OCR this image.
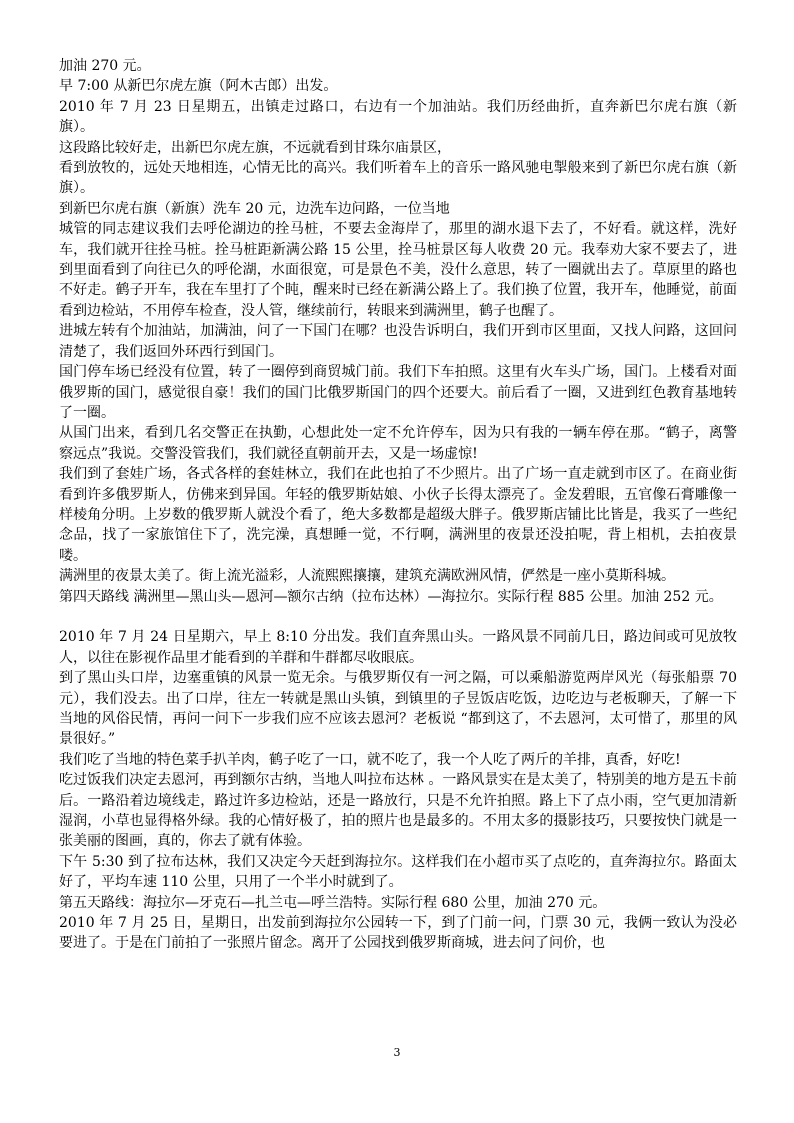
加油 270 元。

早 7:00 从新巴尔虎左旗（阿木古郎）出发。

2010 年 7 月 23 日星期五，出镇走过路口，右边有一个加油站。我们历经曲折，直奔新巴尔虎右旗（新旗）。

这段路比较好走，出新巴尔虎左旗，不远就看到甘珠尔庙景区，

看到放牧的，远处天地相连，心情无比的高兴。我们听着车上的音乐一路风驰电掣般来到了新巴尔虎右旗（新旗）。

到新巴尔虎右旗（新旗）洗车 20 元，边洗车边问路，一位当地

城管的同志建议我们去呼伦湖边的拴马桩，不要去金海岸了，那里的湖水退下去了，不好看。就这样，洗好车，我们就开往拴马桩。拴马桩距新满公路 15 公里，拴马桩景区每人收费 20 元。我奉劝大家不要去了，进到里面看到了向往已久的呼伦湖，水面很宽，可是景色不美，没什么意思，转了一圈就出去了。草原里的路也不好走。鹤子开车，我在车里打了个盹，醒来时已经在新满公路上了。我们换了位置，我开车，他睡觉，前面看到边检站，不用停车检查，没人管，继续前行，转眼来到满洲里，鹤子也醒了。

进城左转有个加油站，加满油，问了一下国门在哪？也没告诉明白，我们开到市区里面，又找人问路，这回问清楚了，我们返回外环西行到国门。

国门停车场已经没有位置，转了一圈停到商贸城门前。我们下车拍照。这里有火车头广场，国门。上楼看对面俄罗斯的国门，感觉很自豪！我们的国门比俄罗斯国门的四个还要大。前后看了一圈，又进到红色教育基地转了一圈。

从国门出来，看到几名交警正在执勤，心想此处一定不允许停车，因为只有我的一辆车停在那。“鹤子，离警察远点”我说。交警没管我们，我们就径直朝前开去，又是一场虚惊!

我们到了套娃广场，各式各样的套娃林立，我们在此也拍了不少照片。出了广场一直走就到市区了。在商业街看到许多俄罗斯人，仿佛来到异国。年轻的俄罗斯姑娘、小伙子长得太漂亮了。金发碧眼，五官像石膏雕像一样棱角分明。上岁数的俄罗斯人就没个看了，绝大多数都是超级大胖子。俄罗斯店铺比比皆是，我买了一些纪念品，找了一家旅馆住下了，洗完澡，真想睡一觉，不行啊，满洲里的夜景还没拍呢，背上相机，去拍夜景喽。

满洲里的夜景太美了。街上流光溢彩，人流熙熙攘攘，建筑充满欧洲风情，俨然是一座小莫斯科城。

第四天路线 满洲里—黑山头—恩河—额尔古纳（拉布达林）—海拉尔。实际行程 885 公里。加油 252 元。

2010 年 7 月 24 日星期六，早上 8:10 分出发。我们直奔黑山头。一路风景不同前几日，路边间或可见放牧人，以往在影视作品里才能看到的羊群和牛群都尽收眼底。

到了黑山头口岸，边塞重镇的风景一览无余。与俄罗斯仅有一河之隔，可以乘船游览两岸风光（每张船票 70 元），我们没去。出了口岸，往左一转就是黑山头镇，到镇里的子昱饭店吃饭，边吃边与老板聊天，了解一下当地的风俗民情，再问一问下一步我们应不应该去恩河？老板说 “都到这了，不去恩河，太可惜了，那里的风景很好。”

我们吃了当地的特色菜手扒羊肉，鹤子吃了一口，就不吃了，我一个人吃了两斤的羊排，真香，好吃!

吃过饭我们决定去恩河，再到额尔古纳，当地人叫拉布达林 。一路风景实在是太美了，特别美的地方是五卡前后。一路沿着边境线走，路过许多边检站，还是一路放行，只是不允许拍照。路上下了点小雨，空气更加清新湿润，小草也显得格外绿。我的心情好极了，拍的照片也是最多的。不用太多的摄影技巧，只要按快门就是一张美丽的图画，真的，你去了就有体验。

下午 5:30 到了拉布达林，我们又决定今天赶到海拉尔。这样我们在小超市买了点吃的，直奔海拉尔。路面太好了，平均车速 110 公里，只用了一个半小时就到了。

第五天路线：海拉尔—牙克石—扎兰屯—呼兰浩特。实际行程 680 公里，加油 270 元。

2010 年 7 月 25 日，星期日，出发前到海拉尔公园转一下，到了门前一问，门票 30 元，我俩一致认为没必要进了。于是在门前拍了一张照片留念。离开了公园找到俄罗斯商城，进去问了问价，也

3
